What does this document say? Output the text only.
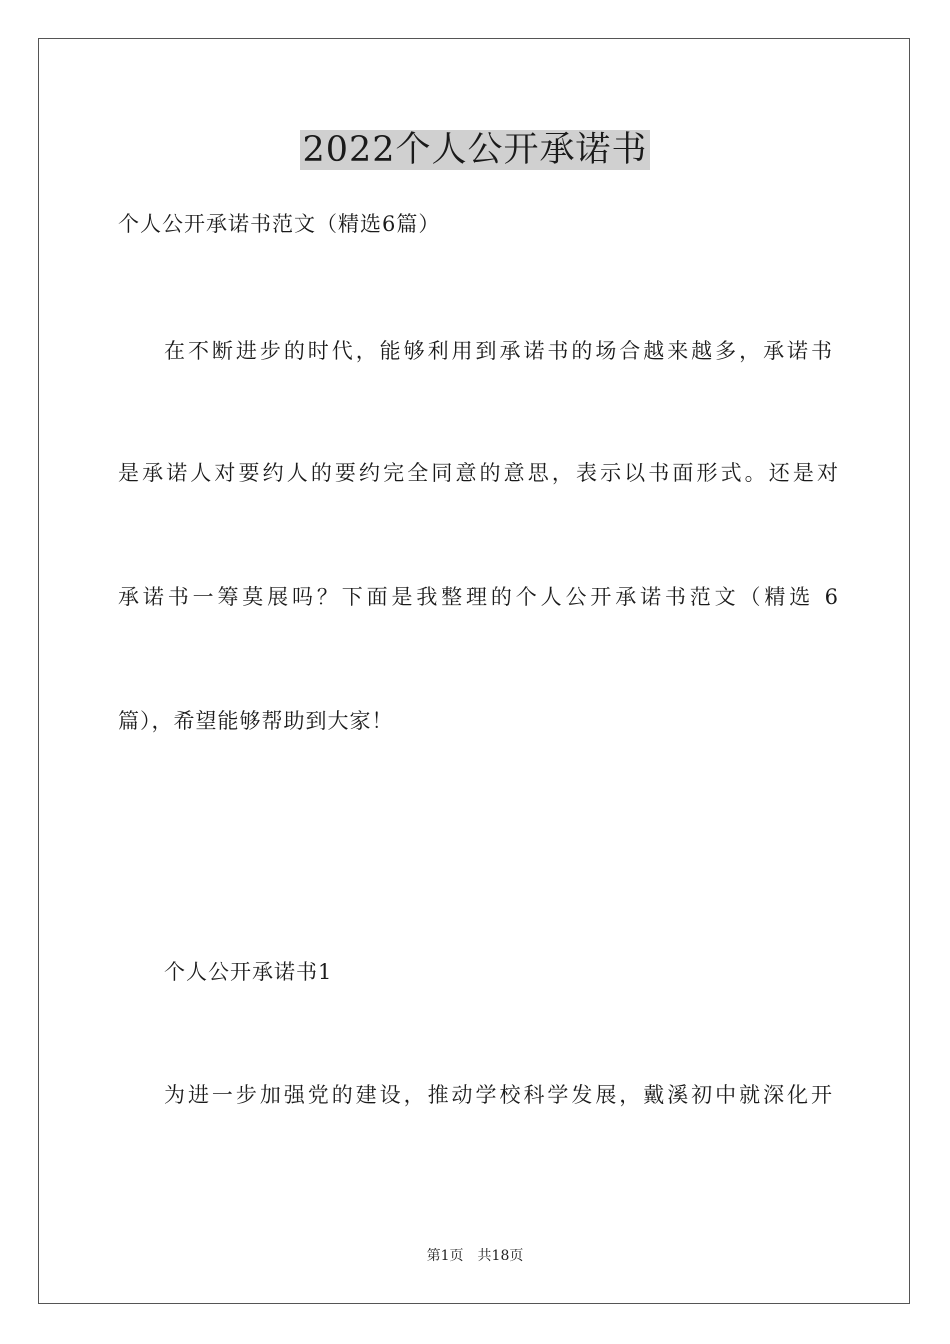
2022个人公开承诺书

个人公开承诺书范文（精选6篇）

在不断进步的时代，能够利用到承诺书的场合越来越多，承诺书

是承诺人对要约人的要约完全同意的意思，表示以书面形式。还是对

承诺书一筹莫展吗？下面是我整理的个人公开承诺书范文（精选 6

篇），希望能够帮助到大家！

个人公开承诺书1

为进一步加强党的建设，推动学校科学发展，戴溪初中就深化开

第1页 共18页
